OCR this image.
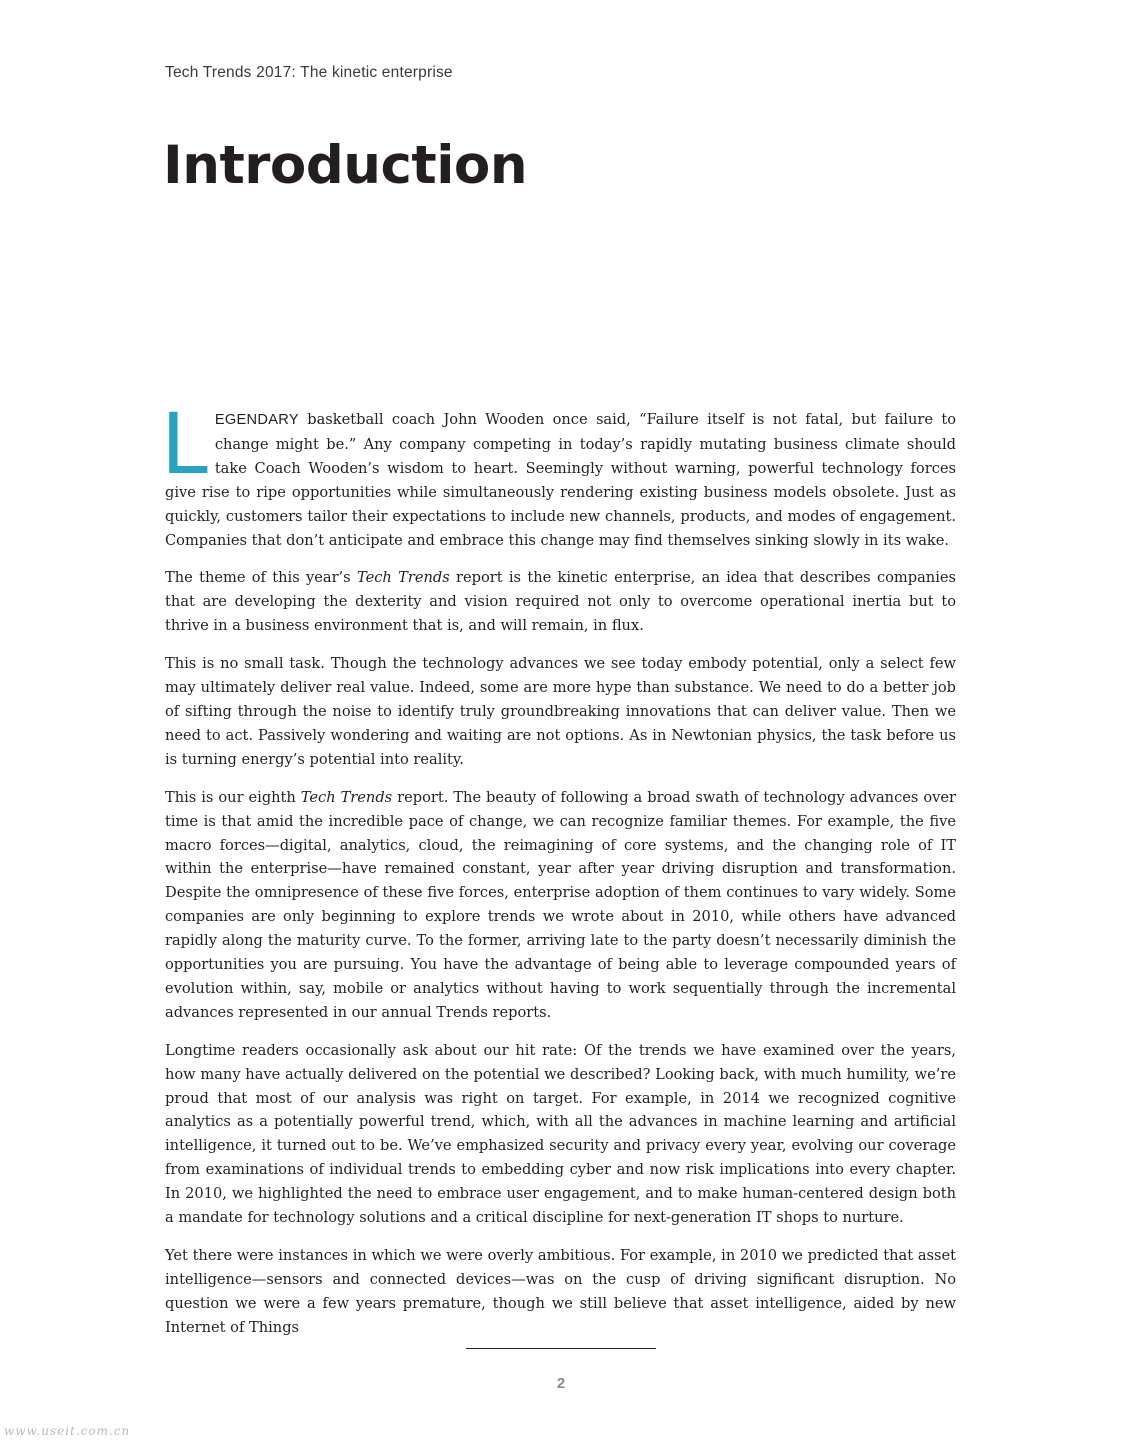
Tech Trends 2017: The kinetic enterprise
Introduction

LEGENDARY basketball coach John Wooden once said, “Failure itself is not fatal, but failure to change might be.” Any company competing in today’s rapidly mutating business climate should take Coach Wooden’s wisdom to heart. Seemingly without warning, powerful technology forces give rise to ripe opportunities while simultaneously rendering existing business models obsolete. Just as quickly, customers tailor their expectations to include new channels, products, and modes of engagement. Companies that don’t anticipate and embrace this change may find themselves sinking slowly in its wake.

The theme of this year’s Tech Trends report is the kinetic enterprise, an idea that describes companies that are developing the dexterity and vision required not only to overcome operational inertia but to thrive in a business environment that is, and will remain, in flux.

This is no small task. Though the technology advances we see today embody potential, only a select few may ultimately deliver real value. Indeed, some are more hype than substance. We need to do a better job of sifting through the noise to identify truly groundbreaking innovations that can deliver value. Then we need to act. Passively wondering and waiting are not options. As in Newtonian physics, the task before us is turning energy’s potential into reality.

This is our eighth Tech Trends report. The beauty of following a broad swath of technology advances over time is that amid the incredible pace of change, we can recognize familiar themes. For example, the five macro forces—digital, analytics, cloud, the reimagining of core systems, and the changing role of IT within the enterprise—have remained constant, year after year driving disruption and transformation. Despite the omnipresence of these five forces, enterprise adoption of them continues to vary widely. Some companies are only beginning to explore trends we wrote about in 2010, while others have advanced rapidly along the maturity curve. To the former, arriving late to the party doesn’t necessarily diminish the opportunities you are pursuing. You have the advantage of being able to leverage compounded years of evolution within, say, mobile or analytics without having to work sequentially through the incremental advances represented in our annual Trends reports.

Longtime readers occasionally ask about our hit rate: Of the trends we have examined over the years, how many have actually delivered on the potential we described? Looking back, with much humility, we’re proud that most of our analysis was right on target. For example, in 2014 we recognized cognitive analytics as a potentially powerful trend, which, with all the advances in machine learning and artificial intelligence, it turned out to be. We’ve emphasized security and privacy every year, evolving our coverage from examinations of individual trends to embedding cyber and now risk implications into every chapter. In 2010, we highlighted the need to embrace user engagement, and to make human-centered design both a mandate for technology solutions and a critical discipline for next-generation IT shops to nurture.

Yet there were instances in which we were overly ambitious. For example, in 2010 we predicted that asset intelligence—sensors and connected devices—was on the cusp of driving significant disruption. No question we were a few years premature, though we still believe that asset intelligence, aided by new Internet of Things

2
www.useit.com.cn
